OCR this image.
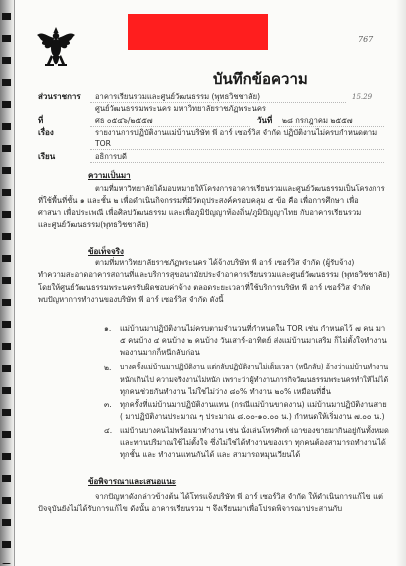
767
บันทึกข้อความ
15.29
ส่วนราชการ อาคารเรียนรวมและศูนย์วัฒนธรรม (พุทธวิชชาลัย)
ศูนย์วัฒนธรรมพระนคร มหาวิทยาลัยราชภัฏพระนคร
ที่	ศธ ๐๕๔๖/๒๕๕๗	วันที่ ๒๘ กรกฎาคม ๒๕๕๗
เรื่อง	รายงานการปฏิบัติงานแม่บ้านบริษัท พี อาร์ เซอร์วิส จำกัด ปฏิบัติงานไม่ครบกำหนดตาม
TOR
เรียน	อธิการบดี
ความเป็นมา
ตามที่มหาวิทยาลัยได้มอบหมายให้โครงการอาคารเรียนรวมและศูนย์วัฒนธรรมเป็นโครงการ
ที่ใช้พื้นที่ชั้น ๑ และชั้น ๒ เพื่อดำเนินกิจกรรมที่มีวัตถุประสงค์ครอบคลุม ๕ ข้อ คือ เพื่อการศึกษา เพื่อ
ศาสนา เพื่อประเพณี เพื่อศิลปวัฒนธรรม และเพื่อภูมิปัญญาท้องถิ่น/ภูมิปัญญาไทย กับอาคารเรียนรวม
และศูนย์วัฒนธรรม(พุทธวิชชาลัย)
ข้อเท็จจริง
ตามที่มหาวิทยาลัยราชภัฏพระนคร ได้จ้างบริษัท พี อาร์ เซอร์วิส จำกัด (ผู้รับจ้าง)
ทำความสะอาดอาคารสถานที่และบริการสุขอนามัยประจำอาคารเรียนรวมและศูนย์วัฒนธรรม (พุทธวิชชาลัย)
โดยให้ศูนย์วัฒนธรรมพระนครรับผิดชอบค่าจ้าง ตลอดระยะเวลาที่ใช้บริการบริษัท พี อาร์ เซอร์วิส จำกัด
พบปัญหาการทำงานของบริษัท พี อาร์ เซอร์วิส จำกัด ดังนี้
๑. แม่บ้านมาปฏิบัติงานไม่ครบตามจำนวนที่กำหนดใน TOR เช่น กำหนดไว้ ๗ คน มา
๕ คนบ้าง ๔ คนบ้าง ๒ คนบ้าง วันเสาร์-อาทิตย์ ส่งแม่บ้านมาเสริม ก็ไม่ตั้งใจทำงาน
พองานมากก็หนีกลับก่อน
๒. บางครั้งแม่บ้านมาปฏิบัติงาน แต่กลับปฏิบัติงานไม่เต็มเวลา (หนีกลับ) อ้างว่าแม่บ้านทำงาน
หนักเกินไป ความจริงงานไม่หนัก เพราะว่าผู้ทำงานภารกิจวัฒนธรรมพระนครทำให้ไม่ได้
ทุกคนช่วยกันทำงาน ไม่ใช่ไม่ว่าง ๘๐% ทำงาน ๒๐% เหมือนที่อื่น
๓. ทุกครั้งที่แม่บ้านมาปฏิบัติงานแทน (กรณีแม่บ้านขาดงาน) แม่บ้านมาปฏิบัติงานสาย
( มาปฏิบัติงานประมาณ ๆ ประมาณ ๘.๐๐-๑๐.๐๐ น.) กำหนดให้เริ่มงาน ๗.๐๐ น.)
๔. แม่บ้านบางคนไม่พร้อมมาทำงาน เช่น นั่งเล่นโทรศัพท์ เอาของขายมากินอยู่กันทั้งหมด
และทานปริมาณใช้ไม่ตั้งใจ ซึ่งไม่ใช่ได้ทำงานของเรา ทุกคนต้องสามารถทำงานได้
ทุกชั้น และ ทำงานแทนกันได้ และ สามารถหมุนเวียนได้
ข้อพิจารณาและเสนอแนะ
จากปัญหาดังกล่าวข้างต้น ได้โทรแจ้งบริษัท พี อาร์ เซอร์วิส จำกัด ให้ดำเนินการแก้ไข แต่
ปัจจุบันยังไม่ได้รับการแก้ไข ดังนั้น อาคารเรียนรวม ฯ จึงเรียนมาเพื่อโปรดพิจารณาประสานกับ
